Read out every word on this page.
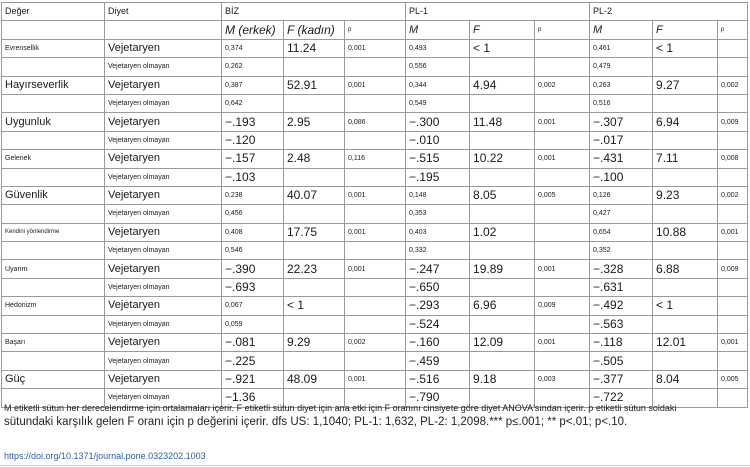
Değer	Diyet	BİZ			PL-1			PL-2		
		M (erkek)	F (kadın)	p	M	F	p	M	F	p
Evrensellik	Vejetaryen	0,374	11.24	0,001	0,493	< 1		0,461	< 1	
	Vejetaryen olmayan	0,262			0,556			0,479		
Hayırseverlik	Vejetaryen	0,387	52.91	0,001	0,344	4.94	0,002	0,263	9.27	0,002
	Vejetaryen olmayan	0,642			0,549			0,516		
Uygunluk	Vejetaryen	−.193	2.95	0,086	−.300	11.48	0,001	−.307	6.94	0,009
	Vejetaryen olmayan	−.120			−.010			−.017		
Gelenek	Vejetaryen	−.157	2.48	0,116	−.515	10.22	0,001	−.431	7.11	0,008
	Vejetaryen olmayan	−.103			−.195			−.100		
Güvenlik	Vejetaryen	0,238	40.07	0,001	0,148	8.05	0,005	0,126	9.23	0,002
	Vejetaryen olmayan	0,456			0,353			0,427		
Kendini yönlendirme	Vejetaryen	0,408	17.75	0,001	0,403	1.02		0,654	10.88	0,001
	Vejetaryen olmayan	0,546			0,332			0,352		
Uyarım	Vejetaryen	−.390	22.23	0,001	−.247	19.89	0,001	−.328	6.88	0,009
	Vejetaryen olmayan	−.693			−.650			−.631		
Hedonizm	Vejetaryen	0,067	< 1		−.293	6.96	0,009	−.492	< 1	
	Vejetaryen olmayan	0,059			−.524			−.563		
Başarı	Vejetaryen	−.081	9.29	0,002	−.160	12.09	0,001	−.118	12.01	0,001
	Vejetaryen olmayan	−.225			−.459			−.505		
Güç	Vejetaryen	−.921	48.09	0,001	−.516	9.18	0,003	−.377	8.04	0,005
	Vejetaryen olmayan	−1.36			−.790			−.722		
M etiketli sütun her derecelendirme için ortalamaları içerir. F etiketli sütun diyet için ana etki için F oranını cinsiyete göre diyet ANOVA'sından içerir. p etiketli sütun soldaki
sütundaki karşılık gelen F oranı için p değerini içerir. dfs US: 1,1040; PL-1: 1,632, PL-2: 1,2098.*** p≤.001; ** p<.01; p<.10.
https://doi.org/10.1371/journal.pone.0323202.1003
